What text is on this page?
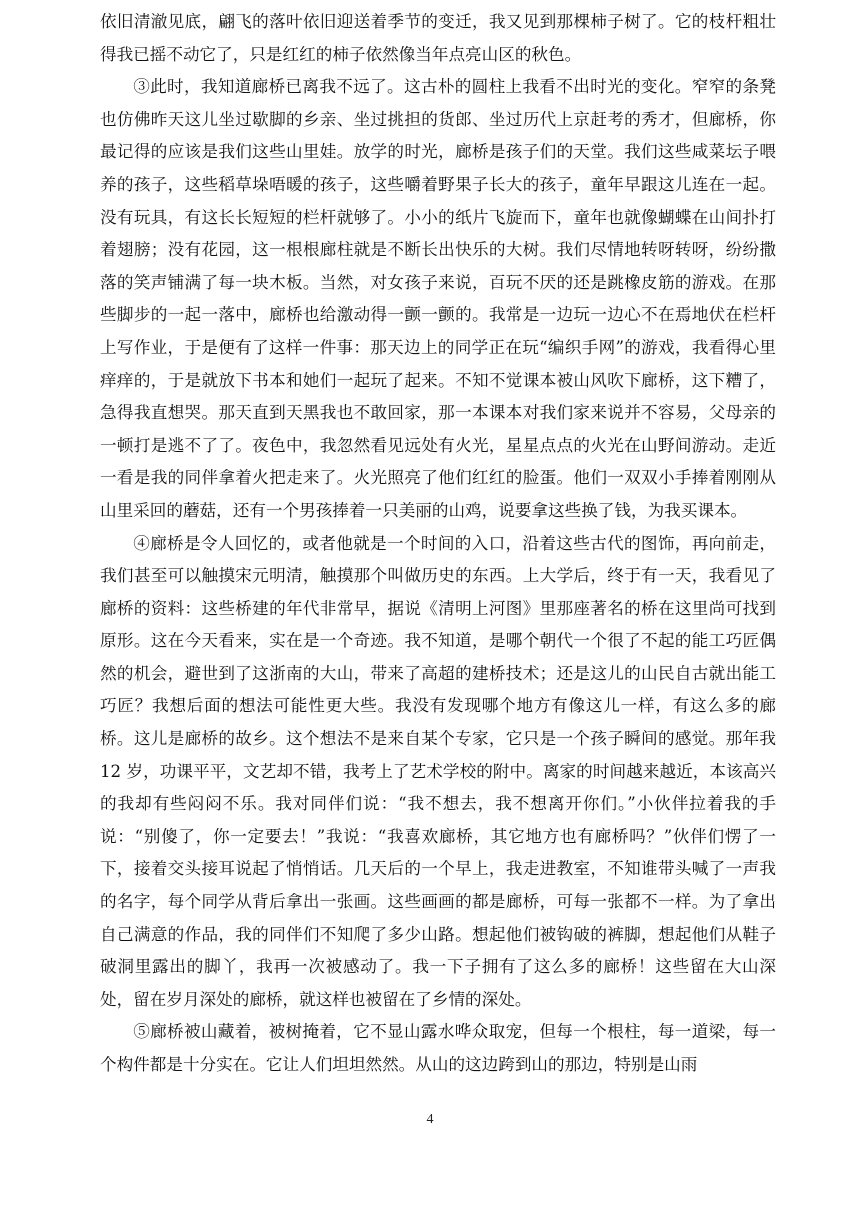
依旧清澈见底，翩飞的落叶依旧迎送着季节的变迁，我又见到那棵柿子树了。它的枝杆粗壮得我已摇不动它了，只是红红的柿子依然像当年点亮山区的秋色。

③此时，我知道廊桥已离我不远了。这古朴的圆柱上我看不出时光的变化。窄窄的条凳也仿佛昨天这儿坐过歇脚的乡亲、坐过挑担的货郎、坐过历代上京赶考的秀才，但廊桥，你最记得的应该是我们这些山里娃。放学的时光，廊桥是孩子们的天堂。我们这些咸菜坛子喂养的孩子，这些稻草垛唔暖的孩子，这些嚼着野果子长大的孩子，童年早跟这儿连在一起。没有玩具，有这长长短短的栏杆就够了。小小的纸片飞旋而下，童年也就像蝴蝶在山间扑打着翅膀；没有花园，这一根根廊柱就是不断长出快乐的大树。我们尽情地转呀转呀，纷纷撒落的笑声铺满了每一块木板。当然，对女孩子来说，百玩不厌的还是跳橡皮筋的游戏。在那些脚步的一起一落中，廊桥也给激动得一颤一颤的。我常是一边玩一边心不在焉地伏在栏杆上写作业，于是便有了这样一件事：那天边上的同学正在玩“编织手网”的游戏，我看得心里痒痒的，于是就放下书本和她们一起玩了起来。不知不觉课本被山风吹下廊桥，这下糟了，急得我直想哭。那天直到天黑我也不敢回家，那一本课本对我们家来说并不容易，父母亲的一顿打是逃不了了。夜色中，我忽然看见远处有火光，星星点点的火光在山野间游动。走近一看是我的同伴拿着火把走来了。火光照亮了他们红红的脸蛋。他们一双双小手捧着刚刚从山里采回的蘑菇，还有一个男孩捧着一只美丽的山鸡，说要拿这些换了钱，为我买课本。

④廊桥是令人回忆的，或者他就是一个时间的入口，沿着这些古代的图饰，再向前走，我们甚至可以触摸宋元明清，触摸那个叫做历史的东西。上大学后，终于有一天，我看见了廊桥的资料：这些桥建的年代非常早，据说《清明上河图》里那座著名的桥在这里尚可找到原形。这在今天看来，实在是一个奇迹。我不知道，是哪个朝代一个很了不起的能工巧匠偶然的机会，避世到了这浙南的大山，带来了高超的建桥技术；还是这儿的山民自古就出能工巧匠？我想后面的想法可能性更大些。我没有发现哪个地方有像这儿一样，有这么多的廊桥。这儿是廊桥的故乡。这个想法不是来自某个专家，它只是一个孩子瞬间的感觉。那年我 12 岁，功课平平，文艺却不错，我考上了艺术学校的附中。离家的时间越来越近，本该高兴的我却有些闷闷不乐。我对同伴们说：“我不想去，我不想离开你们。”小伙伴拉着我的手说：“别傻了，你一定要去！”我说：“我喜欢廊桥，其它地方也有廊桥吗？”伙伴们愣了一下，接着交头接耳说起了悄悄话。几天后的一个早上，我走进教室，不知谁带头喊了一声我的名字，每个同学从背后拿出一张画。这些画画的都是廊桥，可每一张都不一样。为了拿出自己满意的作品，我的同伴们不知爬了多少山路。想起他们被钩破的裤脚，想起他们从鞋子破洞里露出的脚丫，我再一次被感动了。我一下子拥有了这么多的廊桥！这些留在大山深处，留在岁月深处的廊桥，就这样也被留在了乡情的深处。

⑤廊桥被山藏着，被树掩着，它不显山露水哗众取宠，但每一个根柱，每一道梁，每一个构件都是十分实在。它让人们坦坦然然。从山的这边跨到山的那边，特别是山雨

4
